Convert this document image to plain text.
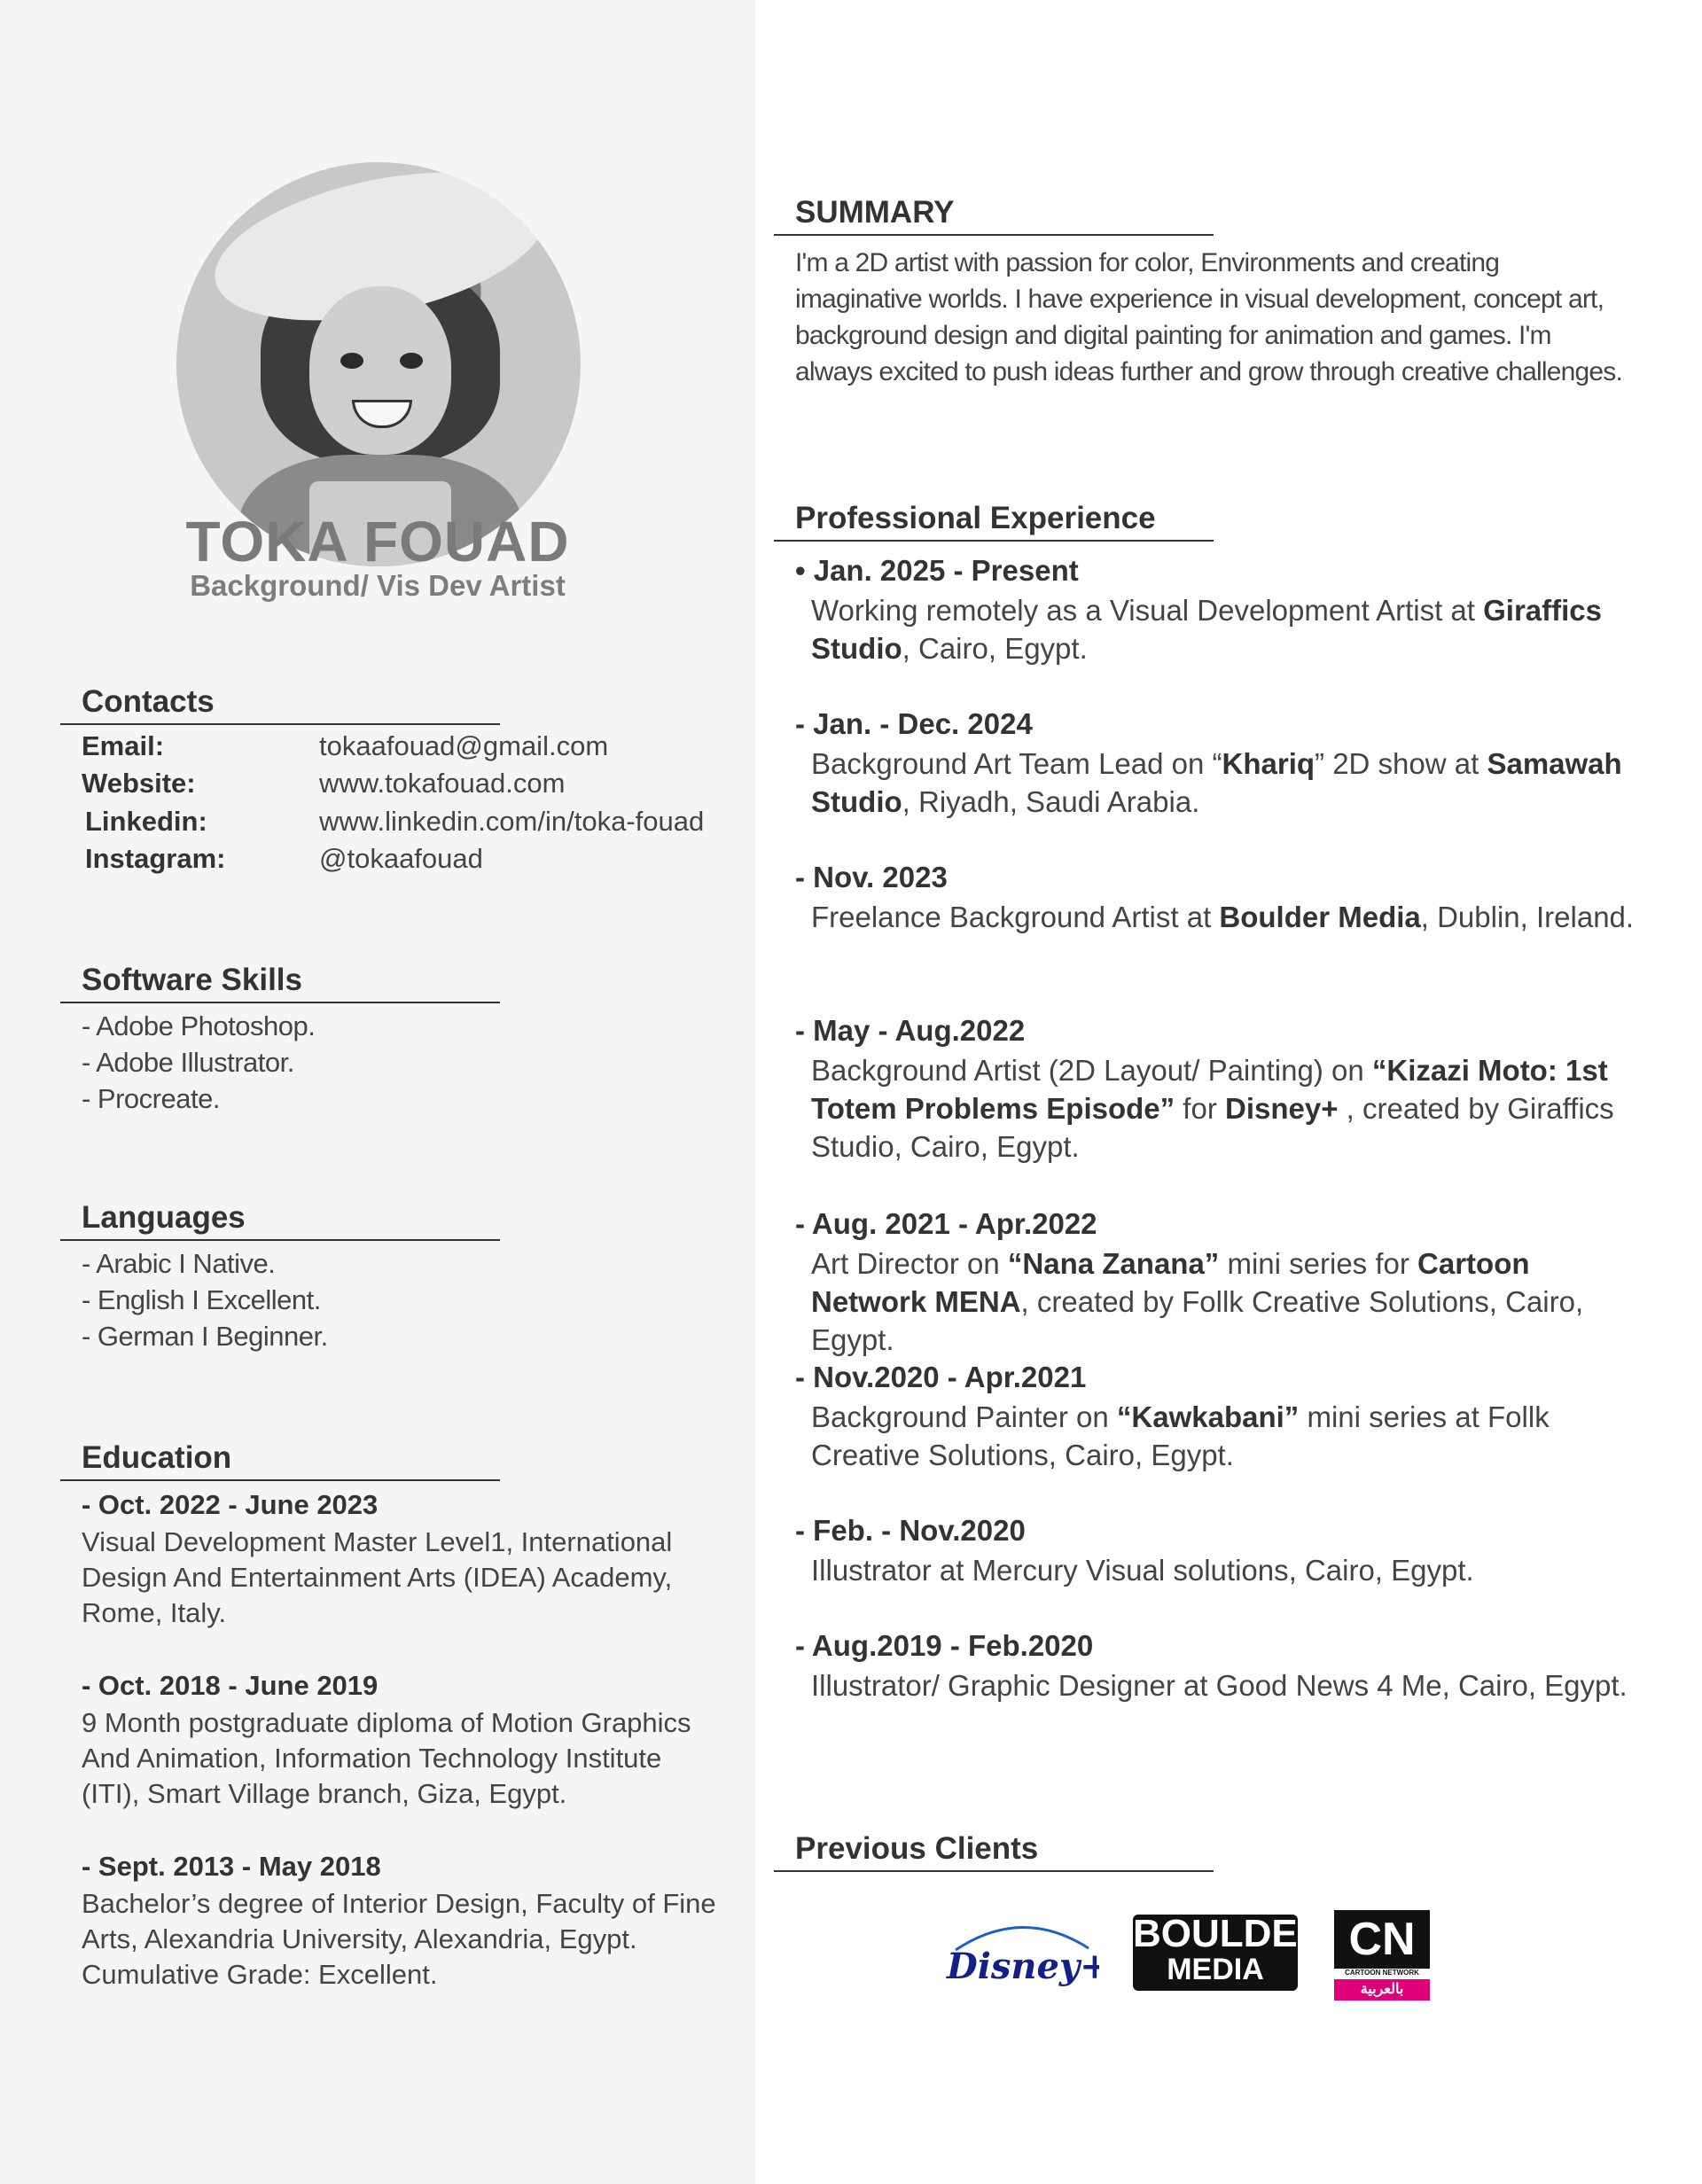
TOKA FOUAD
Background/ Vis Dev Artist
Contacts
Email:	tokaafouad@gmail.com
Website:	www.tokafouad.com
Linkedin:	www.linkedin.com/in/toka-fouad
Instagram:	@tokaafouad
Software Skills
- Adobe Photoshop.
- Adobe Illustrator.
- Procreate.
Languages
- Arabic I Native.
- English I Excellent.
- German I Beginner.
Education
- Oct. 2022 - June 2023
Visual Development Master Level1, International Design And Entertainment Arts (IDEA) Academy, Rome, Italy.
- Oct. 2018 - June 2019
9 Month postgraduate diploma of Motion Graphics And Animation, Information Technology Institute (ITI), Smart Village branch, Giza, Egypt.
- Sept. 2013 - May 2018
Bachelor’s degree of Interior Design, Faculty of Fine Arts, Alexandria University, Alexandria, Egypt. Cumulative Grade: Excellent.
SUMMARY
I'm a 2D artist with passion for color, Environments and creating imaginative worlds. I have experience in visual development, concept art, background design and digital painting for animation and games. I'm always excited to push ideas further and grow through creative challenges.
Professional Experience
• Jan. 2025 - Present
Working remotely as a Visual Development Artist at Giraffics Studio, Cairo, Egypt.
- Jan. - Dec. 2024
Background Art Team Lead on “Khariq” 2D show at Samawah Studio, Riyadh, Saudi Arabia.
- Nov. 2023
Freelance Background Artist at Boulder Media, Dublin, Ireland.
- May - Aug.2022
Background Artist (2D Layout/ Painting) on “Kizazi Moto: 1st Totem Problems Episode” for Disney+ , created by Giraffics Studio, Cairo, Egypt.
- Aug. 2021 - Apr.2022
Art Director on “Nana Zanana” mini series for Cartoon Network MENA, created by Follk Creative Solutions, Cairo, Egypt.
- Nov.2020 - Apr.2021
Background Painter on “Kawkabani” mini series at Follk Creative Solutions, Cairo, Egypt.
- Feb. - Nov.2020
Illustrator at Mercury Visual solutions, Cairo, Egypt.
- Aug.2019 - Feb.2020
Illustrator/ Graphic Designer at Good News 4 Me, Cairo, Egypt.
Previous Clients
Disney+
BOULDER
MEDIA
CN
CARTOON NETWORK
بالعربية
